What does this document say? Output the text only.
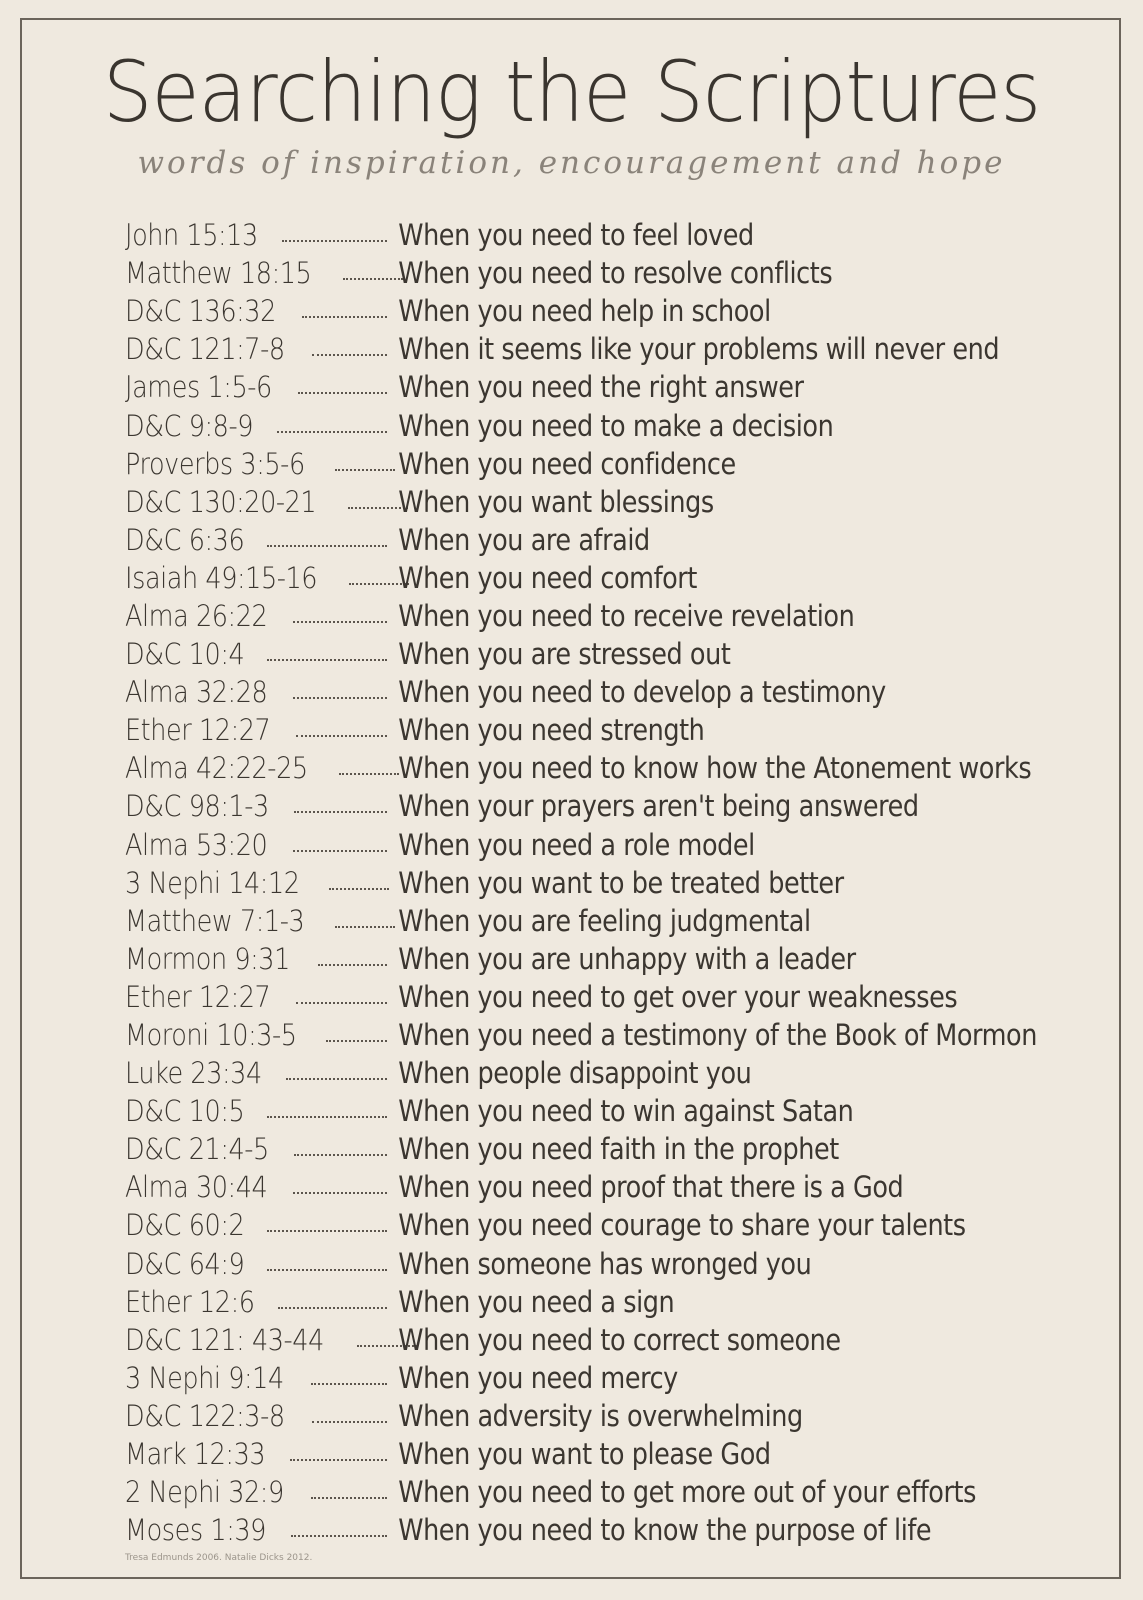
Searching the Scriptures
words of inspiration, encouragement and hope
John 15:13	When you need to feel loved
Matthew 18:15	When you need to resolve conflicts
D&C 136:32	When you need help in school
D&C 121:7-8	When it seems like your problems will never end
James 1:5-6	When you need the right answer
D&C 9:8-9	When you need to make a decision
Proverbs 3:5-6	When you need confidence
D&C 130:20-21	When you want blessings
D&C 6:36	When you are afraid
Isaiah 49:15-16	When you need comfort
Alma 26:22	When you need to receive revelation
D&C 10:4	When you are stressed out
Alma 32:28	When you need to develop a testimony
Ether 12:27	When you need strength
Alma 42:22-25	When you need to know how the Atonement works
D&C 98:1-3	When your prayers aren't being answered
Alma 53:20	When you need a role model
3 Nephi 14:12	When you want to be treated better
Matthew 7:1-3	When you are feeling judgmental
Mormon 9:31	When you are unhappy with a leader
Ether 12:27	When you need to get over your weaknesses
Moroni 10:3-5	When you need a testimony of the Book of Mormon
Luke 23:34	When people disappoint you
D&C 10:5	When you need to win against Satan
D&C 21:4-5	When you need faith in the prophet
Alma 30:44	When you need proof that there is a God
D&C 60:2	When you need courage to share your talents
D&C 64:9	When someone has wronged you
Ether 12:6	When you need a sign
D&C 121: 43-44	When you need to correct someone
3 Nephi 9:14	When you need mercy
D&C 122:3-8	When adversity is overwhelming
Mark 12:33	When you want to please God
2 Nephi 32:9	When you need to get more out of your efforts
Moses 1:39	When you need to know the purpose of life
Tresa Edmunds 2006. Natalie Dicks 2012.
